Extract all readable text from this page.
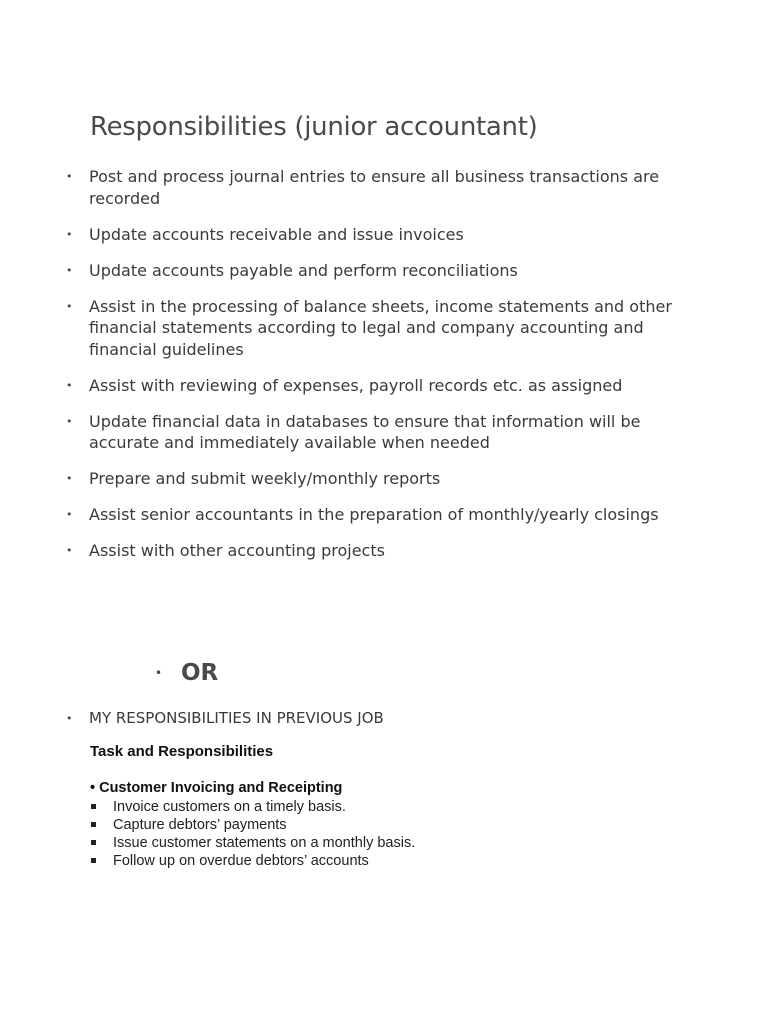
Responsibilities (junior accountant)
• Post and process journal entries to ensure all business transactions are recorded
• Update accounts receivable and issue invoices
• Update accounts payable and perform reconciliations
• Assist in the processing of balance sheets, income statements and other financial statements according to legal and company accounting and financial guidelines
• Assist with reviewing of expenses, payroll records etc. as assigned
• Update financial data in databases to ensure that information will be accurate and immediately available when needed
• Prepare and submit weekly/monthly reports
• Assist senior accountants in the preparation of monthly/yearly closings
• Assist with other accounting projects
• OR
• MY RESPONSIBILITIES IN PREVIOUS JOB
Task and Responsibilities
• Customer Invoicing and Receipting
Invoice customers on a timely basis.
Capture debtors’ payments
Issue customer statements on a monthly basis.
Follow up on overdue debtors’ accounts
